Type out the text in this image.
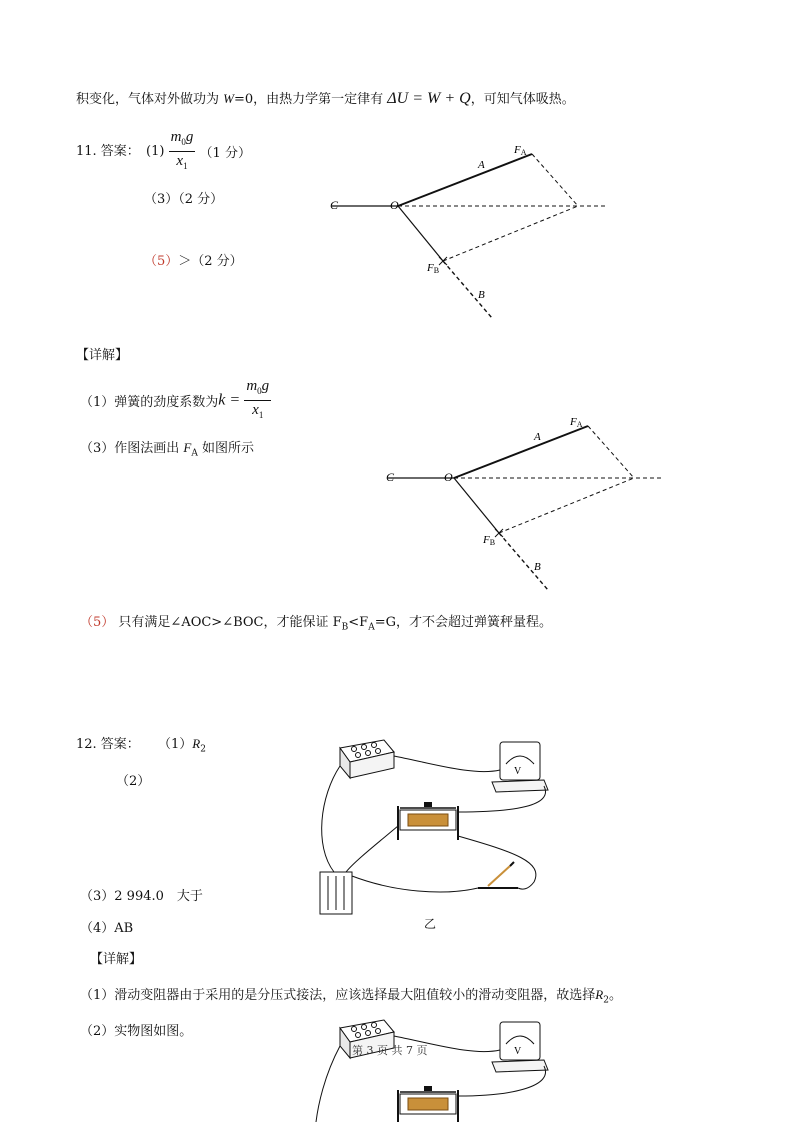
积变化，气体对外做功为 W=0，由热力学第一定律有 ΔU = W + Q，可知气体吸热。
11. 答案： $(1) \frac{m_0g}{x_1} (1$ 分）
（3）（2 分）
（5）＞（2 分）
C	O
A
FA
FB
B
【详解】
（1）弹簧的劲度系数为$k = \frac{m_0g}{x_1}$
（3）作图法画出 $F_A$ 如图所示
C	O
A
FA
FB
B
（5） 只有满足∠AOC>∠BOC，才能保证 $F_B<F_A=G$，才不会超过弹簧秤量程。
12. 答案： $(1)R_2$
（2）
（3）2 994.0　大于
（4）AB
V
乙
【详解】
（1）滑动变阻器由于采用的是分压式接法，应该选择最大阻值较小的滑动变阻器，故选择$R_2$。
（2）实物图如图。
V
第 3 页 共 7 页
